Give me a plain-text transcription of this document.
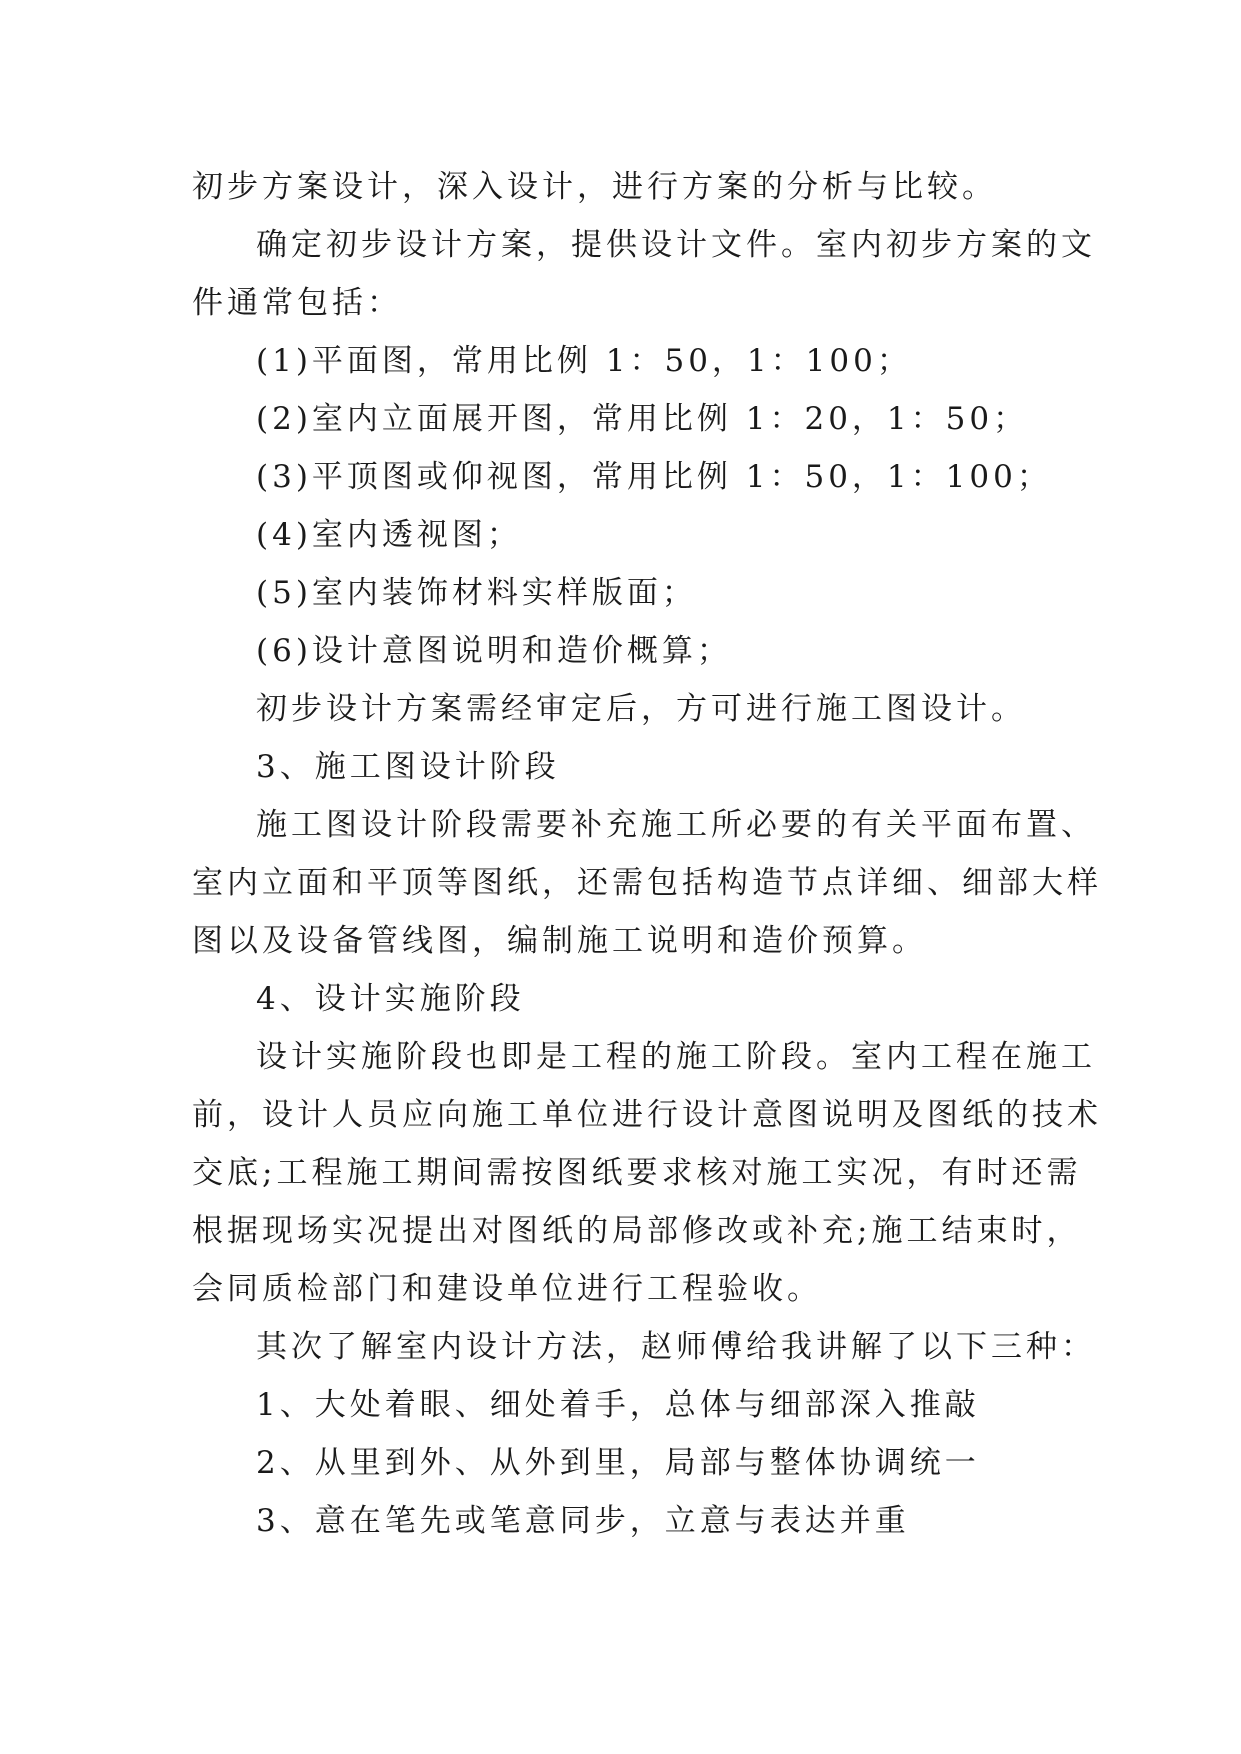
初步方案设计，深入设计，进行方案的分析与比较。
确定初步设计方案，提供设计文件。室内初步方案的文
件通常包括：
(1)平面图，常用比例 1：50，1：100；
(2)室内立面展开图，常用比例 1：20，1：50；
(3)平顶图或仰视图，常用比例 1：50，1：100；
(4)室内透视图；
(5)室内装饰材料实样版面；
(6)设计意图说明和造价概算；
初步设计方案需经审定后，方可进行施工图设计。
3、施工图设计阶段
施工图设计阶段需要补充施工所必要的有关平面布置、
室内立面和平顶等图纸，还需包括构造节点详细、细部大样
图以及设备管线图，编制施工说明和造价预算。
4、设计实施阶段
设计实施阶段也即是工程的施工阶段。室内工程在施工
前，设计人员应向施工单位进行设计意图说明及图纸的技术
交底;工程施工期间需按图纸要求核对施工实况，有时还需
根据现场实况提出对图纸的局部修改或补充;施工结束时，
会同质检部门和建设单位进行工程验收。
其次了解室内设计方法，赵师傅给我讲解了以下三种：
1、大处着眼、细处着手，总体与细部深入推敲
2、从里到外、从外到里，局部与整体协调统一
3、意在笔先或笔意同步，立意与表达并重
